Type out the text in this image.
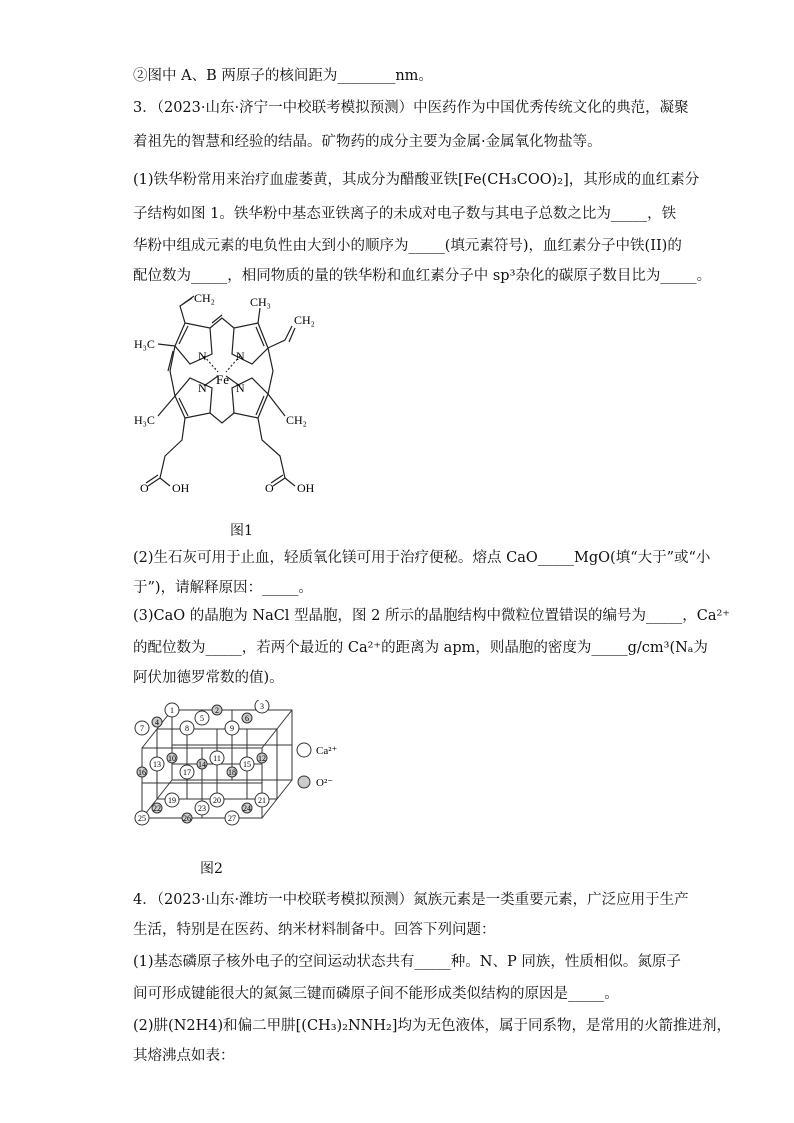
②图中 A、B 两原子的核间距为________nm。
3．（2023·山东·济宁一中校联考模拟预测）中医药作为中国优秀传统文化的典范，凝聚
着祖先的智慧和经验的结晶。矿物药的成分主要为金属·金属氧化物盐等。
(1)铁华粉常用来治疗血虚萎黄，其成分为醋酸亚铁[Fe(CH₃COO)₂]，其形成的血红素分
子结构如图 1。铁华粉中基态亚铁离子的未成对电子数与其电子总数之比为_____，铁
华粉中组成元素的电负性由大到小的顺序为_____(填元素符号)，血红素分子中铁(II)的
配位数为_____，相同物质的量的铁华粉和血红素分子中 sp³杂化的碳原子数目比为_____。
CH₂	CH₃
CH₂
H₃C
H₃C	CH₂
Fe
N N
N N
O OH	O OH
图1
(2)生石灰可用于止血，轻质氧化镁可用于治疗便秘。熔点 CaO_____MgO(填“大于”或“小
于”)，请解释原因：_____。
(3)CaO 的晶胞为 NaCl 型晶胞，图 2 所示的晶胞结构中微粒位置错误的编号为_____，Ca²⁺
的配位数为_____，若两个最近的 Ca²⁺的距离为 apm，则晶胞的密度为_____g/cm³(Nₐ为
阿伏加德罗常数的值)。
1	2	3
4	5	6
7	8	9
10	11	12
13	14	15
16	17	18
19	20	21
22	23	24
25	26	27
Ca²⁺
O²⁻
图2
4．（2023·山东·潍坊一中校联考模拟预测）氮族元素是一类重要元素，广泛应用于生产
生活，特别是在医药、纳米材料制备中。回答下列问题：
(1)基态磷原子核外电子的空间运动状态共有_____种。N、P 同族，性质相似。氮原子
间可形成键能很大的氮氮三键而磷原子间不能形成类似结构的原因是_____。
(2)肼(N2H4)和偏二甲肼[(CH₃)₂NNH₂]均为无色液体，属于同系物，是常用的火箭推进剂，
其熔沸点如表：
